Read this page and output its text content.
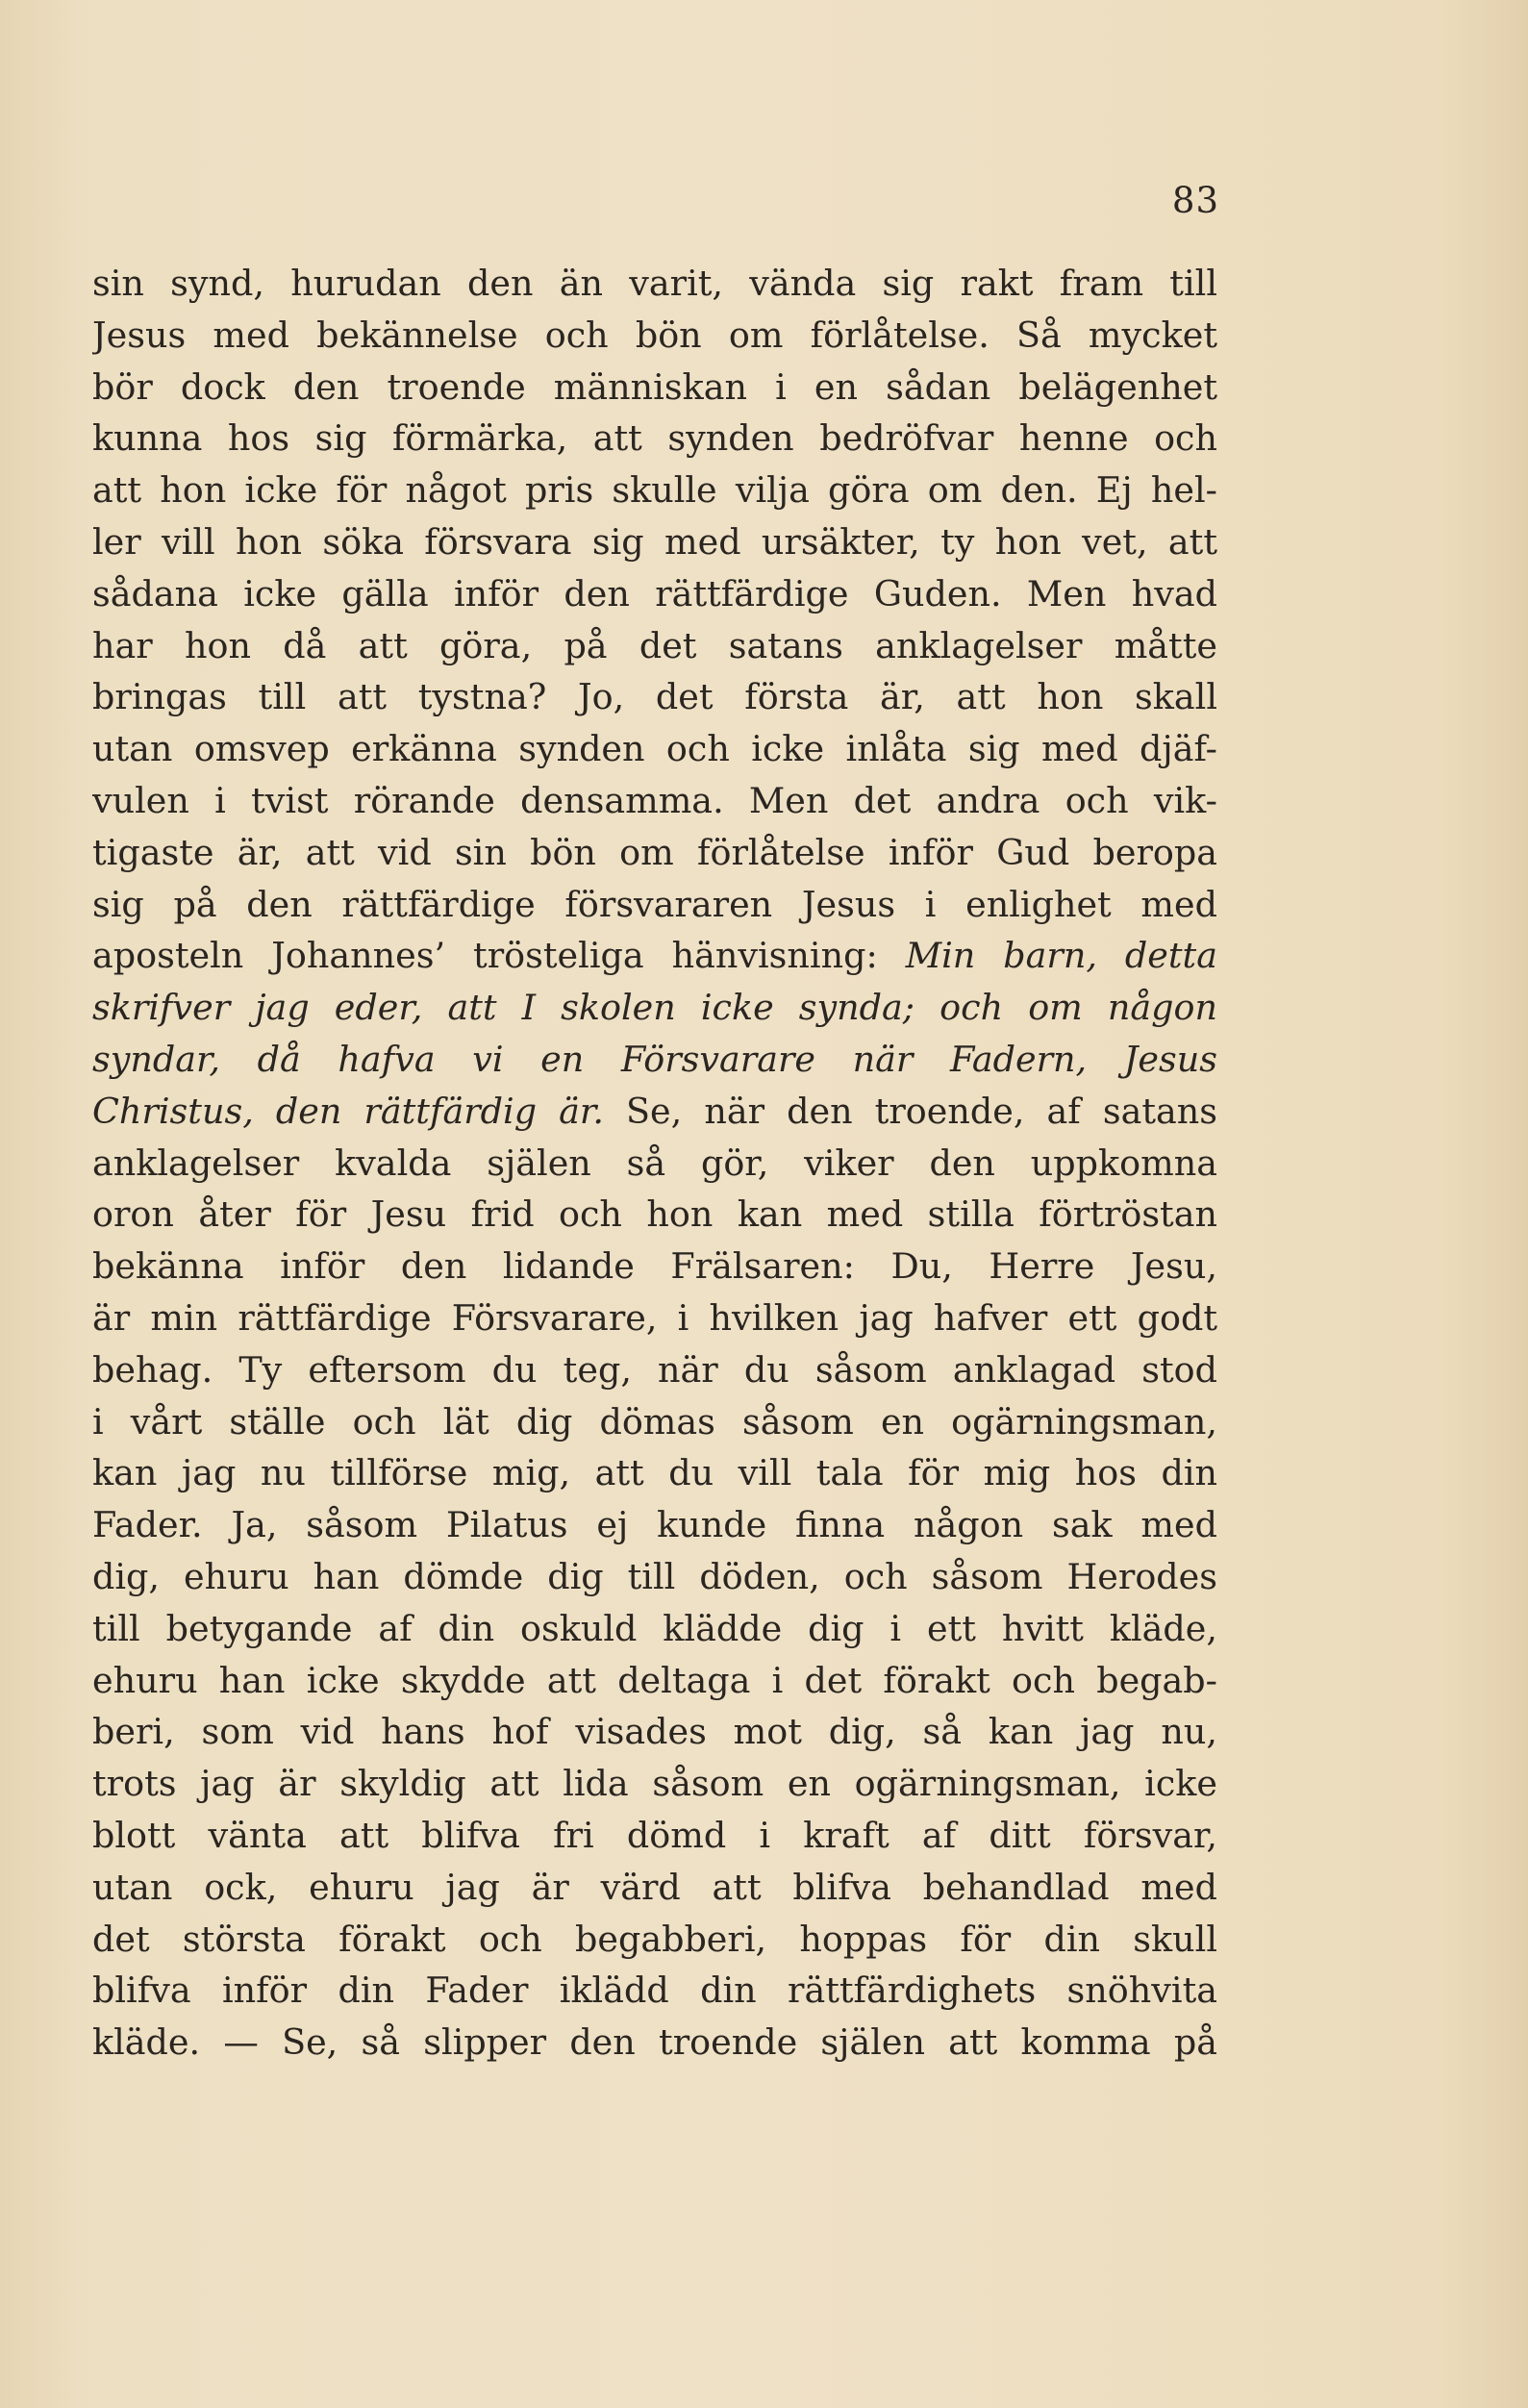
83
sin synd, hurudan den än varit, vända sig rakt fram till
Jesus med bekännelse och bön om förlåtelse. Så mycket
bör dock den troende människan i en sådan belägenhet
kunna hos sig förmärka, att synden bedröfvar henne och
att hon icke för något pris skulle vilja göra om den. Ej hel-
ler vill hon söka försvara sig med ursäkter, ty hon vet, att
sådana icke gälla inför den rättfärdige Guden. Men hvad
har hon då att göra, på det satans anklagelser måtte
bringas till att tystna? Jo, det första är, att hon skall
utan omsvep erkänna synden och icke inlåta sig med djäf-
vulen i tvist rörande densamma. Men det andra och vik-
tigaste är, att vid sin bön om förlåtelse inför Gud beropa
sig på den rättfärdige försvararen Jesus i enlighet med
aposteln Johannes’ trösteliga hänvisning: Min barn, detta
skrifver jag eder, att I skolen icke synda; och om någon
syndar, då hafva vi en Försvarare när Fadern, Jesus
Christus, den rättfärdig är. Se, när den troende, af satans
anklagelser kvalda själen så gör, viker den uppkomna
oron åter för Jesu frid och hon kan med stilla förtröstan
bekänna inför den lidande Frälsaren: Du, Herre Jesu,
är min rättfärdige Försvarare, i hvilken jag hafver ett godt
behag. Ty eftersom du teg, när du såsom anklagad stod
i vårt ställe och lät dig dömas såsom en ogärningsman,
kan jag nu tillförse mig, att du vill tala för mig hos din
Fader. Ja, såsom Pilatus ej kunde finna någon sak med
dig, ehuru han dömde dig till döden, och såsom Herodes
till betygande af din oskuld klädde dig i ett hvitt kläde,
ehuru han icke skydde att deltaga i det förakt och begab-
beri, som vid hans hof visades mot dig, så kan jag nu,
trots jag är skyldig att lida såsom en ogärningsman, icke
blott vänta att blifva fri dömd i kraft af ditt försvar,
utan ock, ehuru jag är värd att blifva behandlad med
det största förakt och begabberi, hoppas för din skull
blifva inför din Fader iklädd din rättfärdighets snöhvita
kläde. — Se, så slipper den troende själen att komma på
